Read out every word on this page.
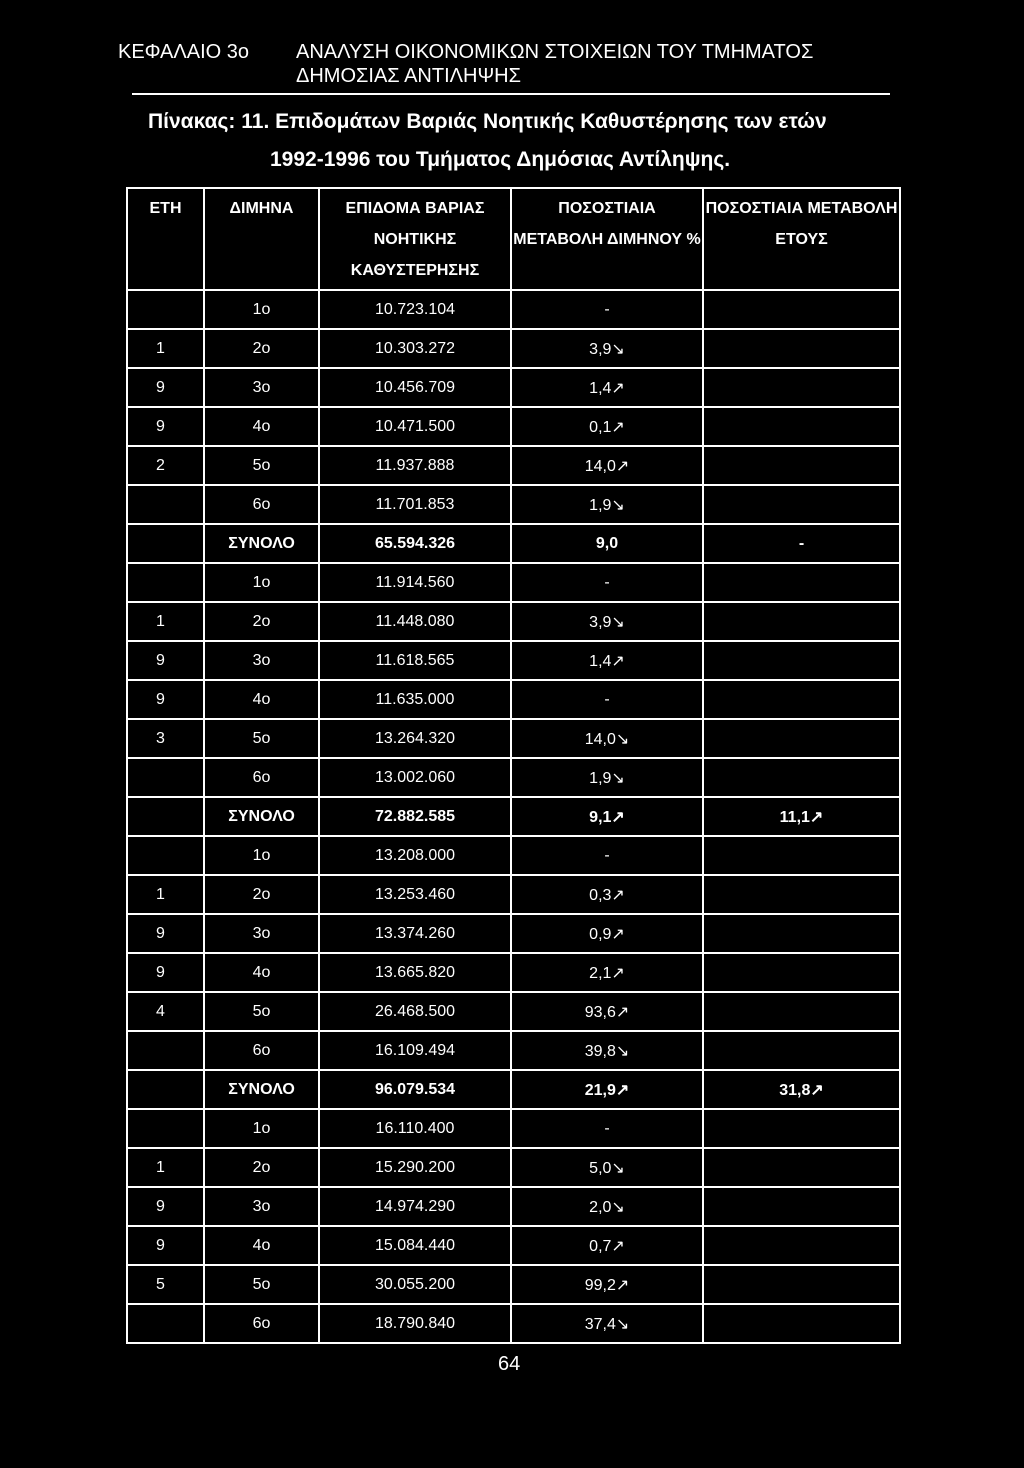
ΚΕΦΑΛΑΙΟ 3ο	ΑΝΑΛΥΣΗ ΟΙΚΟΝΟΜΙΚΩΝ ΣΤΟΙΧΕΙΩΝ ΤΟΥ ΤΜΗΜΑΤΟΣ
ΔΗΜΟΣΙΑΣ ΑΝΤΙΛΗΨΗΣ
Πίνακας: 11. Επιδομάτων Βαριάς Νοητικής Καθυστέρησης των ετών
1992-1996 του Τμήματος Δημόσιας Αντίληψης.
ΕΤΗ	ΔΙΜΗΝΑ	ΕΠΙΔΟΜΑ ΒΑΡΙΑΣ ΝΟΗΤΙΚΗΣ ΚΑΘΥΣΤΕΡΗΣΗΣ	ΠΟΣΟΣΤΙΑΙΑ ΜΕΤΑΒΟΛΗ ΔΙΜΗΝΟΥ %	ΠΟΣΟΣΤΙΑΙΑ ΜΕΤΑΒΟΛΗ ΕΤΟΥΣ
	1ο	10.723.104	-	
1	2ο	10.303.272	3,9↘	
9	3ο	10.456.709	1,4↗	
9	4ο	10.471.500	0,1↗	
2	5ο	11.937.888	14,0↗	
	6ο	11.701.853	1,9↘	
	ΣΥΝΟΛΟ	65.594.326	9,0	-
	1ο	11.914.560	-	
1	2ο	11.448.080	3,9↘	
9	3ο	11.618.565	1,4↗	
9	4ο	11.635.000	-	
3	5ο	13.264.320	14,0↘	
	6ο	13.002.060	1,9↘	
	ΣΥΝΟΛΟ	72.882.585	9,1↗	11,1↗
	1ο	13.208.000	-	
1	2ο	13.253.460	0,3↗	
9	3ο	13.374.260	0,9↗	
9	4ο	13.665.820	2,1↗	
4	5ο	26.468.500	93,6↗	
	6ο	16.109.494	39,8↘	
	ΣΥΝΟΛΟ	96.079.534	21,9↗	31,8↗
	1ο	16.110.400	-	
1	2ο	15.290.200	5,0↘	
9	3ο	14.974.290	2,0↘	
9	4ο	15.084.440	0,7↗	
5	5ο	30.055.200	99,2↗	
	6ο	18.790.840	37,4↘	
64
